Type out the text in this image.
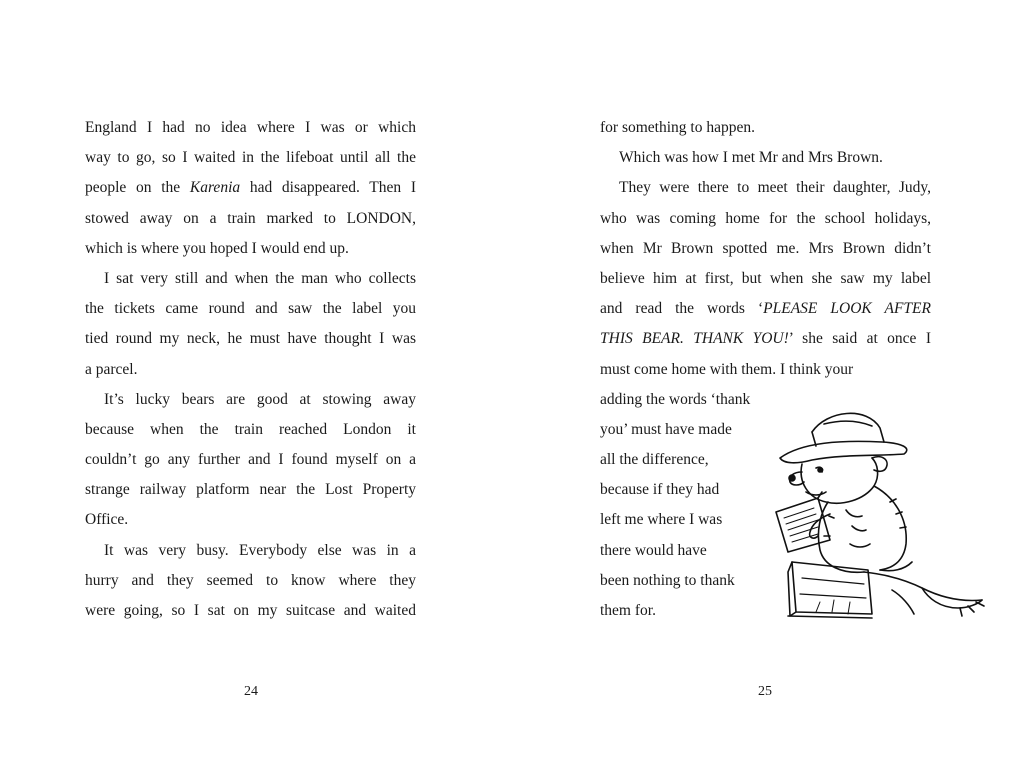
England I had no idea where I was or which
way to go, so I waited in the lifeboat until all the
people on the Karenia had disappeared. Then I
stowed away on a train marked to LONDON,
which is where you hoped I would end up.
I sat very still and when the man who collects
the tickets came round and saw the label you
tied round my neck, he must have thought I was
a parcel.
It’s lucky bears are good at stowing away
because when the train reached London it
couldn’t go any further and I found myself on a
strange railway platform near the Lost Property
Office.
It was very busy. Everybody else was in a
hurry and they seemed to know where they
were going, so I sat on my suitcase and waited
24
for something to happen.
Which was how I met Mr and Mrs Brown.
They were there to meet their daughter, Judy,
who was coming home for the school holidays,
when Mr Brown spotted me. Mrs Brown didn’t
believe him at first, but when she saw my label
and read the words ‘PLEASE LOOK AFTER
THIS BEAR. THANK YOU!’ she said at once I
must come home with them. I think your
adding the words ‘thank
you’ must have made
all the difference,
because if they had
left me where I was
there would have
been nothing to thank
them for.
25
